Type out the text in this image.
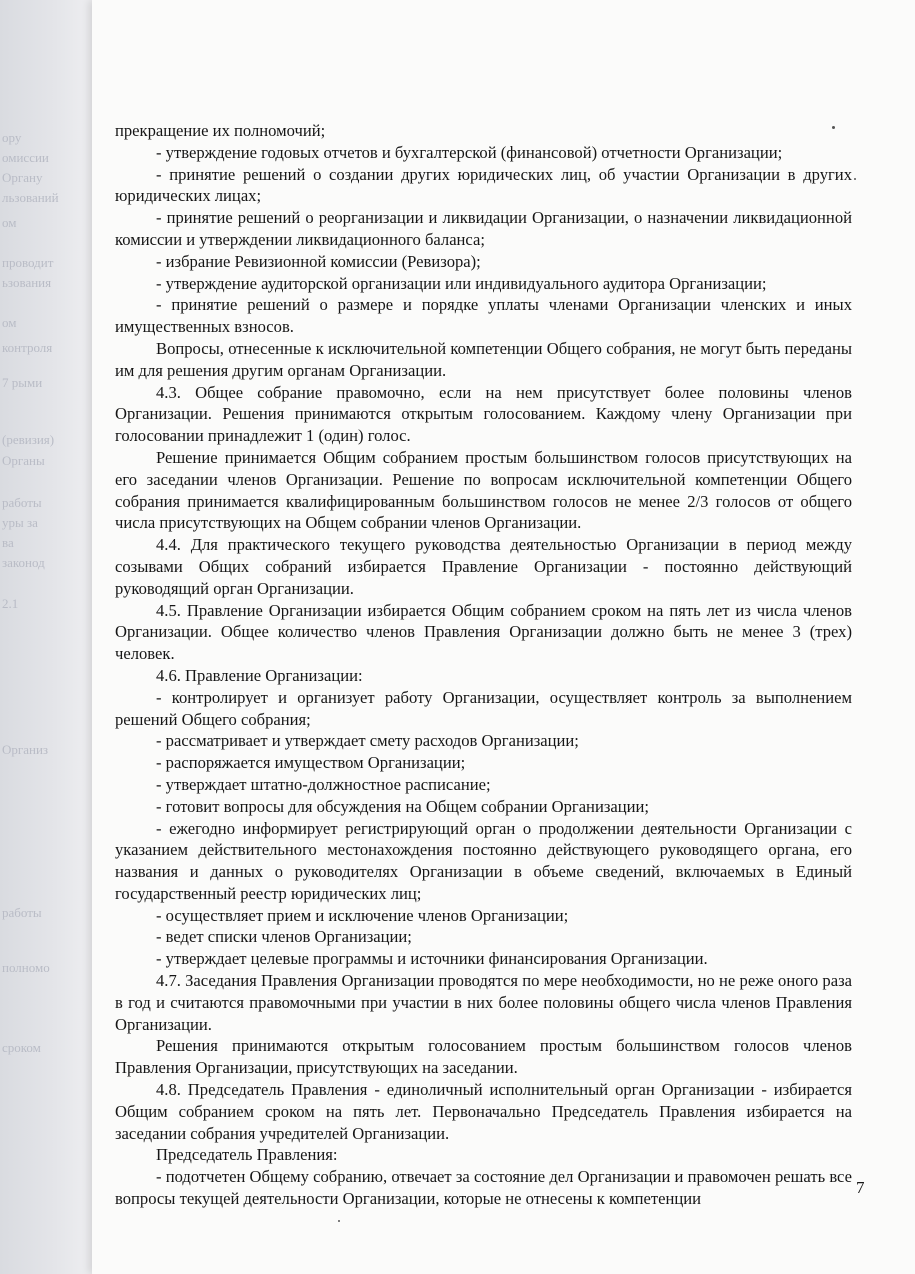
ору
омиссии
Органу
льзований
ом
проводит
ьзования
ом
контроля
7 рыми
(ревизия)
Органы
работы
уры за
ва
законод
2.1
Организ
работы
полномо
сроком

прекращение их полномочий;

- утверждение годовых отчетов и бухгалтерской (финансовой) отчетности Организации;

- принятие решений о создании других юридических лиц, об участии Организации в других юридических лицах;

- принятие решений о реорганизации и ликвидации Организации, о назначении ликвидационной комиссии и утверждении ликвидационного баланса;

- избрание Ревизионной комиссии (Ревизора);

- утверждение аудиторской организации или индивидуального аудитора Организации;

- принятие решений о размере и порядке уплаты членами Организации членских и иных имущественных взносов.

Вопросы, отнесенные к исключительной компетенции Общего собрания, не могут быть переданы им для решения другим органам Организации.

4.3. Общее собрание правомочно, если на нем присутствует более половины членов Организации. Решения принимаются открытым голосованием. Каждому члену Организации при голосовании принадлежит 1 (один) голос.

Решение принимается Общим собранием простым большинством голосов присутствующих на его заседании членов Организации. Решение по вопросам исключительной компетенции Общего собрания принимается квалифицированным большинством голосов не менее 2/3 голосов от общего числа присутствующих на Общем собрании членов Организации.

4.4. Для практического текущего руководства деятельностью Организации в период между созывами Общих собраний избирается Правление Организации - постоянно действующий руководящий орган Организации.

4.5. Правление Организации избирается Общим собранием сроком на пять лет из числа членов Организации. Общее количество членов Правления Организации должно быть не менее 3 (трех) человек.

4.6. Правление Организации:

- контролирует и организует работу Организации, осуществляет контроль за выполнением решений Общего собрания;

- рассматривает и утверждает смету расходов Организации;

- распоряжается имуществом Организации;

- утверждает штатно-должностное расписание;

- готовит вопросы для обсуждения на Общем собрании Организации;

- ежегодно информирует регистрирующий орган о продолжении деятельности Организации с указанием действительного местонахождения постоянно действующего руководящего органа, его названия и данных о руководителях Организации в объеме сведений, включаемых в Единый государственный реестр юридических лиц;

- осуществляет прием и исключение членов Организации;

- ведет списки членов Организации;

- утверждает целевые программы и источники финансирования Организации.

4.7. Заседания Правления Организации проводятся по мере необходимости, но не реже оного раза в год и считаются правомочными при участии в них более половины общего числа членов Правления Организации.

Решения принимаются открытым голосованием простым большинством голосов членов Правления Организации, присутствующих на заседании.

4.8. Председатель Правления - единоличный исполнительный орган Организации - избирается Общим собранием сроком на пять лет. Первоначально Председатель Правления избирается на заседании собрания учредителей Организации.

Председатель Правления:

- подотчетен Общему собранию, отвечает за состояние дел Организации и правомочен решать все вопросы текущей деятельности Организации, которые не отнесены к компетенции

7
